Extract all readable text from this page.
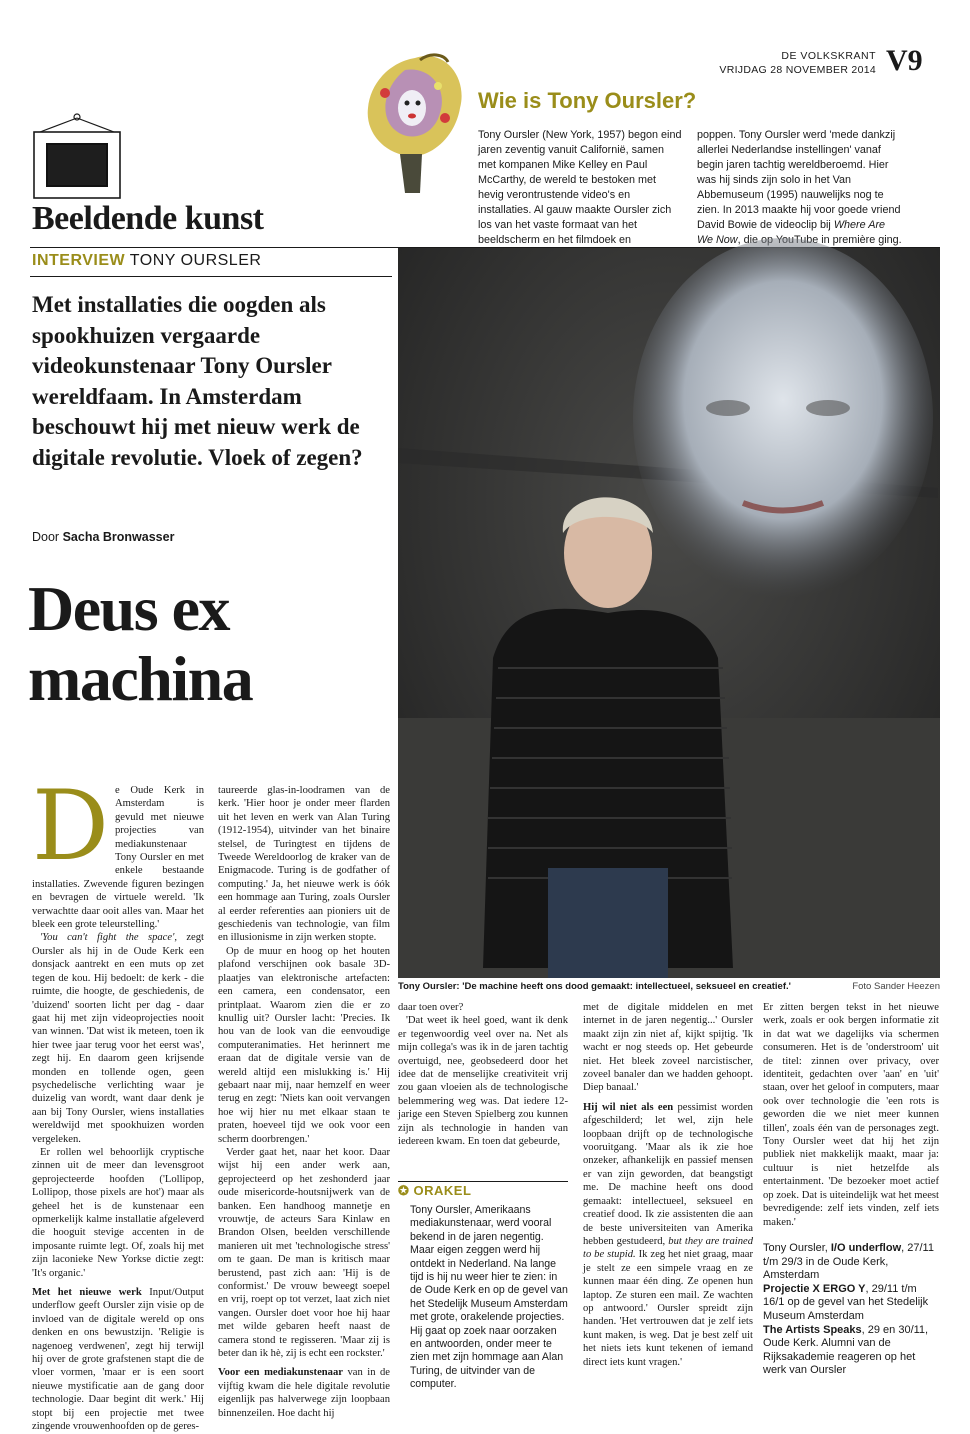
DE VOLKSKRANT
VRIJDAG 28 NOVEMBER 2014 V9
Beeldende kunst
INTERVIEW TONY OURSLER
Met installaties die oogden als spookhuizen vergaarde videokunstenaar Tony Oursler wereldfaam. In Amsterdam beschouwt hij met nieuw werk de digitale revolutie. Vloek of zegen?
Door Sacha Bronwasser
Deus ex machina
Wie is Tony Oursler?
Tony Oursler (New York, 1957) begon eind jaren zeventig vanuit Californië, samen met kompanen Mike Kelley en Paul McCarthy, de wereld te bestoken met hevig verontrustende video's en installaties. Al gauw maakte Oursler zich los van het vaste formaat van het beeldscherm en het filmdoek en
poppen. Tony Oursler werd 'mede dankzij allerlei Nederlandse instellingen' vanaf begin jaren tachtig wereldberoemd. Hier was hij sinds zijn solo in het Van Abbemuseum (1995) nauwelijks nog te zien. In 2013 maakte hij voor goede vriend David Bowie de videoclip bij Where Are We Now, die op YouTube in première ging.
Tony Oursler: 'De machine heeft ons dood gemaakt: intellectueel, seksueel en creatief.'	Foto Sander Heezen

De Oude Kerk in Amsterdam is gevuld met nieuwe projecties van mediakunstenaar Tony Oursler en met enkele bestaande installaties. Zwevende figuren bezingen en bevragen de virtuele wereld. 'Ik verwachtte daar ooit alles van. Maar het bleek een grote teleurstelling.'

'You can't fight the space', zegt Oursler als hij in de Oude Kerk een donsjack aantrekt en een muts op zet tegen de kou. Hij bedoelt: de kerk - die ruimte, die hoogte, de geschiedenis, de 'duizend' soorten licht per dag - daar gaat hij met zijn videoprojecties nooit van winnen. 'Dat wist ik meteen, toen ik hier twee jaar terug voor het eerst was', zegt hij. En daarom geen krijsende monden en tollende ogen, geen psychedelische verlichting waar je duizelig van wordt, want daar denk je aan bij Tony Oursler, wiens installaties wereldwijd met spookhuizen worden vergeleken.

Er rollen wel behoorlijk cryptische zinnen uit de meer dan levensgroot geprojecteerde hoofden ('Lollipop, Lollipop, those pixels are hot') maar als geheel het is de kunstenaar een opmerkelijk kalme installatie afgeleverd die hooguit stevige accenten in de imposante ruimte legt. Of, zoals hij met zijn laconieke New Yorkse dictie zegt: 'It's organic.'

Met het nieuwe werk Input/Output underflow geeft Oursler zijn visie op de invloed van de digitale wereld op ons denken en ons bewustzijn. 'Religie is nagenoeg verdwenen', zegt hij terwijl hij over de grote grafstenen stapt die de vloer vormen, 'maar er is een soort nieuwe mystificatie aan de gang door technologie. Daar begint dit werk.' Hij stopt bij een projectie met twee zingende vrouwenhoofden op de geres-

taureerde glas-in-loodramen van de kerk. 'Hier hoor je onder meer flarden uit het leven en werk van Alan Turing (1912-1954), uitvinder van het binaire stelsel, de Turingtest en tijdens de Tweede Wereldoorlog de kraker van de Enigmacode. Turing is de godfather of computing.' Ja, het nieuwe werk is óók een hommage aan Turing, zoals Oursler al eerder referenties aan pioniers uit de geschiedenis van technologie, van film en illusionisme in zijn werken stopte.

Op de muur en hoog op het houten plafond verschijnen ook basale 3D-plaatjes van elektronische artefacten: een camera, een condensator, een printplaat. Waarom zien die er zo knullig uit? Oursler lacht: 'Precies. Ik hou van de look van die eenvoudige computeranimaties. Het herinnert me eraan dat de digitale versie van de wereld altijd een mislukking is.' Hij gebaart naar mij, naar hemzelf en weer terug en zegt: 'Niets kan ooit vervangen hoe wij hier nu met elkaar staan te praten, hoeveel tijd we ook voor een scherm doorbrengen.'

Verder gaat het, naar het koor. Daar wijst hij een ander werk aan, geprojecteerd op het zeshonderd jaar oude misericorde-houtsnijwerk van de banken. Een handhoog mannetje en vrouwtje, de acteurs Sara Kinlaw en Brandon Olsen, beelden verschillende manieren uit met 'technologische stress' om te gaan. De man is kritisch maar berustend, past zich aan: 'Hij is de conformist.' De vrouw beweegt soepel en vrij, roept op tot verzet, laat zich niet vangen. Oursler doet voor hoe hij haar met wilde gebaren heeft naast de camera stond te regisseren. 'Maar zij is beter dan ik hè, zij is echt een rockster.'

Voor een mediakunstenaar van in de vijftig kwam die hele digitale revolutie eigenlijk pas halverwege zijn loopbaan binnenzeilen. Hoe dacht hij

daar toen over?

'Dat weet ik heel goed, want ik denk er tegenwoordig veel over na. Net als mijn collega's was ik in de jaren tachtig overtuigd, nee, geobsedeerd door het idee dat de menselijke creativiteit vrij zou gaan vloeien als de technologische belemmering weg was. Dat iedere 12-jarige een Steven Spielberg zou kunnen zijn als technologie in handen van iedereen kwam. En toen dat gebeurde,

✪ ORAKEL
Tony Oursler, Amerikaans mediakunstenaar, werd vooral bekend in de jaren negentig. Maar eigen zeggen werd hij ontdekt in Nederland. Na lange tijd is hij nu weer hier te zien: in de Oude Kerk en op de gevel van het Stedelijk Museum Amsterdam met grote, orakelende projecties. Hij gaat op zoek naar oorzaken en antwoorden, onder meer te zien met zijn hommage aan Alan Turing, de uitvinder van de computer.

met de digitale middelen en met internet in de jaren negentig...' Oursler maakt zijn zin niet af, kijkt spijtig. 'Ik wacht er nog steeds op. Het gebeurde niet. Het bleek zoveel narcistischer, zoveel banaler dan we hadden gehoopt. Diep banaal.'

Hij wil niet als een pessimist worden afgeschilderd; let wel, zijn hele loopbaan drijft op de technologische vooruitgang. 'Maar als ik zie hoe onzeker, afhankelijk en passief mensen er van zijn geworden, dat beangstigt me. De machine heeft ons dood gemaakt: intellectueel, seksueel en creatief dood. Ik zie assistenten die aan de beste universiteiten van Amerika hebben gestudeerd, but they are trained to be stupid. Ik zeg het niet graag, maar je stelt ze een simpele vraag en ze kunnen maar één ding. Ze openen hun laptop. Ze sturen een mail. Ze wachten op antwoord.' Oursler spreidt zijn handen. 'Het vertrouwen dat je zelf iets kunt maken, is weg. Dat je best zelf uit het niets iets kunt tekenen of iemand direct iets kunt vragen.'

Er zitten bergen tekst in het nieuwe werk, zoals er ook bergen informatie zit in dat wat we dagelijks via schermen consumeren. Het is de 'onderstroom' uit de titel: zinnen over privacy, over identiteit, gedachten over 'aan' en 'uit' staan, over het geloof in computers, maar ook over technologie die 'een rots is geworden die we niet meer kunnen tillen', zoals één van de personages zegt. Tony Oursler weet dat hij het zijn publiek niet makkelijk maakt, maar ja: cultuur is niet hetzelfde als entertainment. 'De bezoeker moet actief op zoek. Dat is uiteindelijk wat het meest bevredigende: zelf iets vinden, zelf iets maken.'

Tony Oursler, I/O underflow, 27/11 t/m 29/3 in de Oude Kerk, Amsterdam
Projectie X ERGO Y, 29/11 t/m 16/1 op de gevel van het Stedelijk Museum Amsterdam
The Artists Speaks, 29 en 30/11, Oude Kerk. Alumni van de Rijksakademie reageren op het werk van Oursler
